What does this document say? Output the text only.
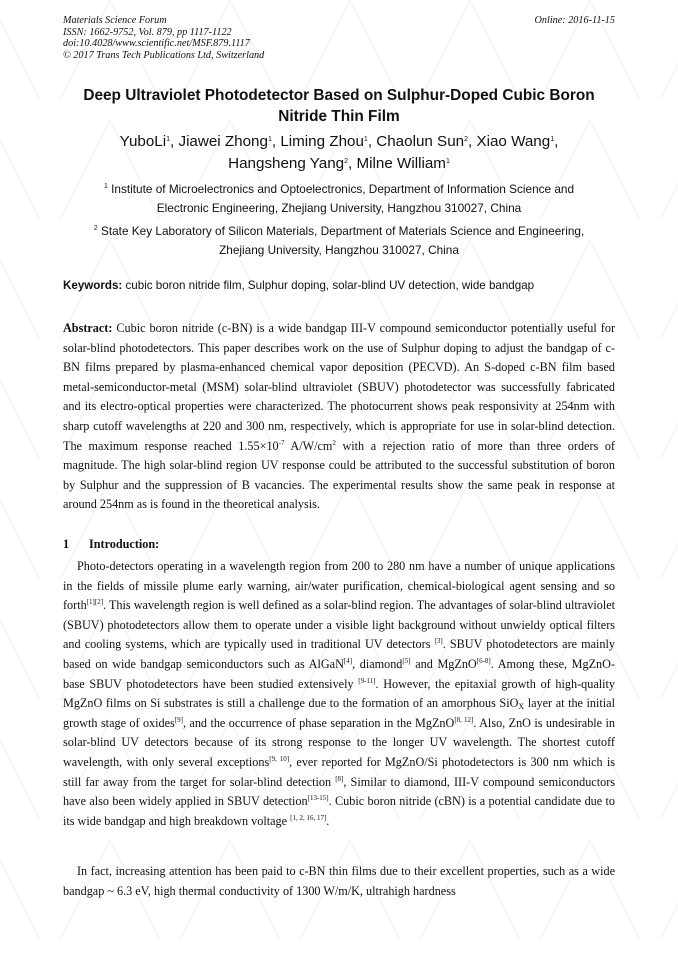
Materials Science Forum
ISSN: 1662-9752, Vol. 879, pp 1117-1122
doi:10.4028/www.scientific.net/MSF.879.1117
© 2017 Trans Tech Publications Ltd, Switzerland
Online: 2016-11-15
Deep Ultraviolet Photodetector Based on Sulphur-Doped Cubic Boron
Nitride Thin Film
YuboLi$^1$, Jiawei Zhong$^1$, Liming Zhou$^1$, Chaolun Sun$^2$, Xiao Wang$^1$,
Hangsheng Yang$^2$, Milne William$^1$
$^1$ Institute of Microelectronics and Optoelectronics, Department of Information Science and
Electronic Engineering, Zhejiang University, Hangzhou 310027, China
$^2$ State Key Laboratory of Silicon Materials, Department of Materials Science and Engineering,
Zhejiang University, Hangzhou 310027, China
Keywords: cubic boron nitride film, Sulphur doping, solar-blind UV detection, wide bandgap
Abstract: Cubic boron nitride (c-BN) is a wide bandgap III-V compound semiconductor potentially useful for solar-blind photodetectors. This paper describes work on the use of Sulphur doping to adjust the bandgap of c-BN films prepared by plasma-enhanced chemical vapor deposition (PECVD). An S-doped c-BN film based metal-semiconductor-metal (MSM) solar-blind ultraviolet (SBUV) photodetector was successfully fabricated and its electro-optical properties were characterized. The photocurrent shows peak responsivity at 254nm with sharp cutoff wavelengths at 220 and 300 nm, respectively, which is appropriate for use in solar-blind detection. The maximum response reached $1.55\times 10^{-7}$ $A/W/cm^2$ with a rejection ratio of more than three orders of magnitude. The high solar-blind region UV response could be attributed to the successful substitution of boron by Sulphur and the suppression of B vacancies. The experimental results show the same peak in response at around 254nm as is found in the theoretical analysis.
1 Introduction:
Photo-detectors operating in a wavelength region from 200 to 280 nm have a number of unique applications in the fields of missile plume early warning, air/water purification, chemical-biological agent sensing and so forth[1][2]. This wavelength region is well defined as a solar-blind region. The advantages of solar-blind ultraviolet (SBUV) photodetectors allow them to operate under a visible light background without unwieldy optical filters and cooling systems, which are typically used in traditional UV detectors [3]. SBUV photodetectors are mainly based on wide bandgap semiconductors such as AlGaN[4], diamond[5] and MgZnO[6-8]. Among these, MgZnO-base SBUV photodetectors have been studied extensively [9-11]. However, the epitaxial growth of high-quality MgZnO films on Si substrates is still a challenge due to the formation of an amorphous SiO$_X$ layer at the initial growth stage of oxides[9], and the occurrence of phase separation in the MgZnO[8, 12]. Also, ZnO is undesirable in solar-blind UV detectors because of its strong response to the longer UV wavelength. The shortest cutoff wavelength, with only several exceptions[9, 10], ever reported for MgZnO/Si photodetectors is 300 nm which is still far away from the target for solar-blind detection [8], Similar to diamond, III-V compound semiconductors have also been widely applied in SBUV detection[13-15]. Cubic boron nitride (cBN) is a potential candidate due to its wide bandgap and high breakdown voltage [1, 2, 16, 17].
In fact, increasing attention has been paid to c-BN thin films due to their excellent properties, such as a wide bandgap ~ 6.3 eV, high thermal conductivity of 1300 W/m/K, ultrahigh hardness
